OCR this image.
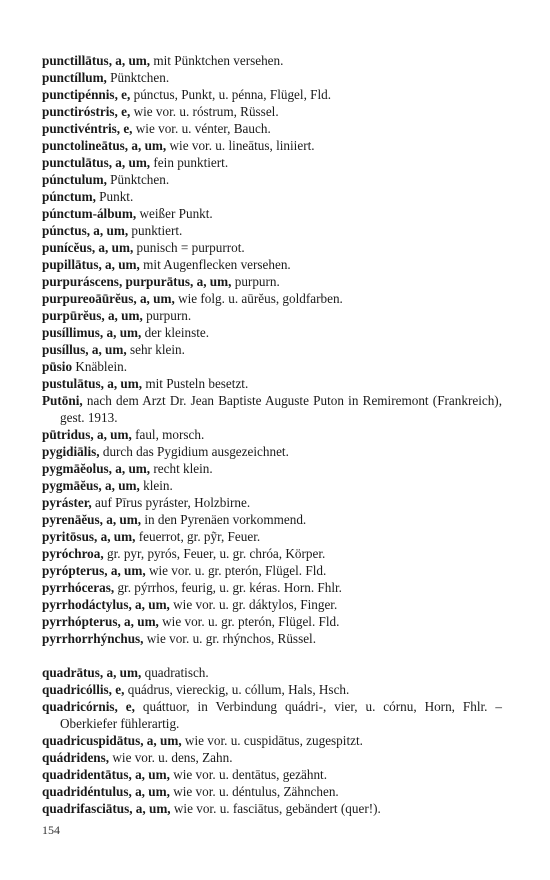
punctillātus, a, um, mit Pünktchen versehen.

punctíllum, Pünktchen.

punctipénnis, e, púnctus, Punkt, u. pénna, Flügel, Fld.

punctiróstris, e, wie vor. u. róstrum, Rüssel.

punctivéntris, e, wie vor. u. vénter, Bauch.

punctolineātus, a, um, wie vor. u. lineātus, liniiert.

punctulātus, a, um, fein punktiert.

púnctulum, Pünktchen.

púnctum, Punkt.

púnctum-álbum, weißer Punkt.

púnctus, a, um, punktiert.

punícĕus, a, um, punisch = purpurrot.

pupillātus, a, um, mit Augenflecken versehen.

purpuráscens, purpurātus, a, um, purpurn.

purpureoāūrĕus, a, um, wie folg. u. aūrĕus, goldfarben.

purpūrĕus, a, um, purpurn.

pusíllimus, a, um, der kleinste.

pusíllus, a, um, sehr klein.

pūsio Knäblein.

pustulātus, a, um, mit Pusteln besetzt.

Putōni, nach dem Arzt Dr. Jean Baptiste Auguste Puton in Remiremont (Frankreich), gest. 1913.

pūtridus, a, um, faul, morsch.

pygidiālis, durch das Pygidium ausgezeichnet.

pygmāĕolus, a, um, recht klein.

pygmāĕus, a, um, klein.

pyráster, auf Pīrus pyráster, Holzbirne.

pyrenāĕus, a, um, in den Pyrenäen vorkommend.

pyritōsus, a, um, feuerrot, gr. pỹr, Feuer.

pyróchroa, gr. pyr, pyrós, Feuer, u. gr. chróa, Körper.

pyrópterus, a, um, wie vor. u. gr. pterón, Flügel. Fld.

pyrrhóceras, gr. pýrrhos, feurig, u. gr. kéras. Horn. Fhlr.

pyrrhodáctylus, a, um, wie vor. u. gr. dáktylos, Finger.

pyrrhópterus, a, um, wie vor. u. gr. pterón, Flügel. Fld.

pyrrhorrhýnchus, wie vor. u. gr. rhýnchos, Rüssel.

quadrātus, a, um, quadratisch.

quadricóllis, e, quádrus, viereckig, u. cóllum, Hals, Hsch.

quadricórnis, e, quáttuor, in Verbindung quádri-, vier, u. córnu, Horn, Fhlr. – Oberkiefer fühlerartig.

quadricuspidātus, a, um, wie vor. u. cuspidātus, zugespitzt.

quádridens, wie vor. u. dens, Zahn.

quadridentātus, a, um, wie vor. u. dentātus, gezähnt.

quadridéntulus, a, um, wie vor. u. déntulus, Zähnchen.

quadrifasciātus, a, um, wie vor. u. fasciātus, gebändert (quer!).

154
